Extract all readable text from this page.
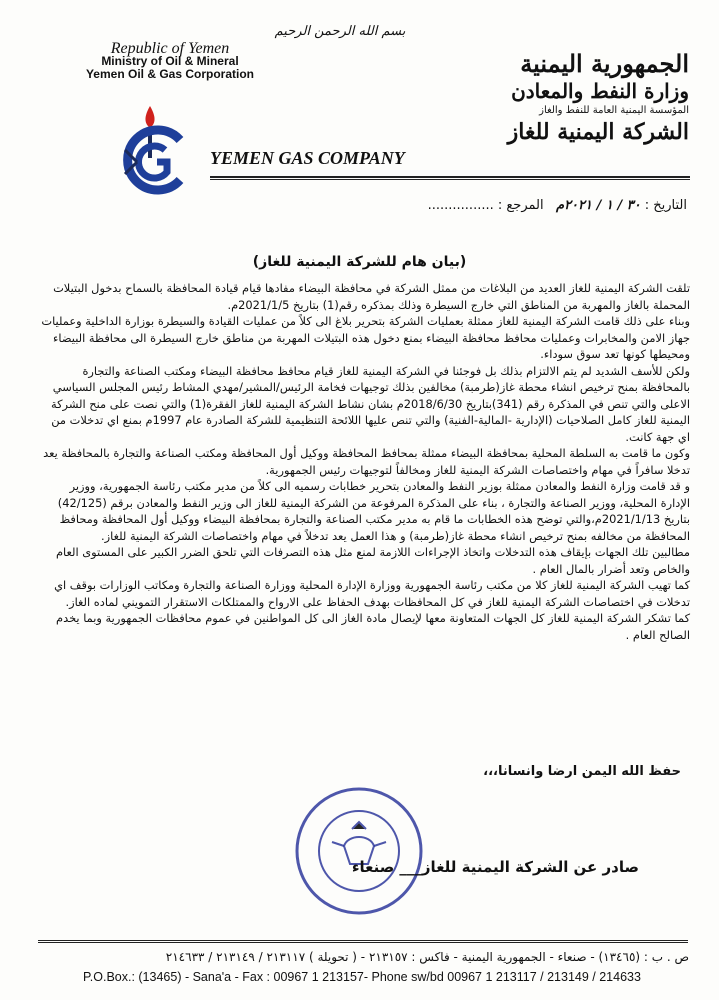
بسم الله الرحمن الرحيم
Republic of Yemen
Ministry of Oil & Mineral
Yemen Oil & Gas Corporation	الجمهورية اليمنية
وزارة النفط والمعادن
المؤسسة اليمنية العامة للنفط والغاز
الشركة اليمنية للغاز
YEMEN GAS COMPANY
التاريخ : ٣٠ / ١ / ٢٠٢١م   المرجع : ................
(بيان هام للشركة اليمنية للغاز)

تلقت الشركة اليمنية للغاز العديد من البلاغات من ممثل الشركة في محافظة البيضاء مفادها قيام قيادة المحافظة بالسماح بدخول البتيلات المحملة بالغاز والمهربة من المناطق التي خارج السيطرة وذلك بمذكره رقم(1) بتاريخ 2021/1/5م.

وبناء على ذلك قامت الشركة اليمنية للغاز ممثلة بعمليات الشركة بتحرير بلاغ الى كلاً من عمليات القيادة والسيطرة بوزارة الداخلية وعمليات جهاز الامن والمخابرات وعمليات محافظ محافظة البيضاء بمنع دخول هذه البتيلات المهربة من مناطق خارج السيطرة الى محافظة البيضاء ومحيطها كونها تعد سوق سوداء.

ولكن للأسف الشديد لم يتم الالتزام بذلك بل فوجئنا في الشركة اليمنية للغاز قيام محافظ محافظة البيضاء ومكتب الصناعة والتجارة بالمحافظة بمنح ترخيص انشاء محطة غاز(طرمبة) مخالفين بذلك توجيهات فخامة الرئيس/المشير/مهدي المشاط رئيس المجلس السياسي الاعلى والتي تنص في المذكرة رقم (341)بتاريخ 2018/6/30م بشان نشاط الشركة اليمنية للغاز الفقرة(1) والتي نصت على منح الشركة اليمنية للغاز كامل الصلاحيات (الإدارية -المالية-الفنية) والتي تنص عليها اللائحة التنظيمية للشركة الصادرة عام 1997م بمنع اي تدخلات من اي جهة كانت.

وكون ما قامت به السلطة المحلية بمحافظة البيضاء ممثلة بمحافظ المحافظة ووكيل أول المحافظة ومكتب الصناعة والتجارة بالمحافظة يعد تدخلا سافراً في مهام واختصاصات الشركة اليمنية للغاز ومخالفاً لتوجيهات رئيس الجمهورية.

و قد قامت وزارة النفط والمعادن ممثلة بوزير النفط والمعادن بتحرير خطابات رسميه الى كلاً من مدير مكتب رئاسة الجمهورية، ووزير الإدارة المحلية، ووزير الصناعة والتجارة ، بناء على المذكرة المرفوعة من الشركة اليمنية للغاز الى وزير النفط والمعادن برقم (42/125) بتاريخ 2021/1/13م،والتي توضح هذه الخطابات ما قام به مدير مكتب الصناعة والتجارة بمحافظة البيضاء ووكيل أول المحافظة ومحافظ المحافظة من مخالفه بمنح ترخيص انشاء محطة غاز(طرمبة) و هذا العمل يعد تدخلاً في مهام واختصاصات الشركة اليمنية للغاز.

مطالبين تلك الجهات بإيقاف هذه التدخلات واتخاذ الإجراءات اللازمة لمنع مثل هذه التصرفات التي تلحق الضرر الكبير على المستوى العام والخاص وتعد أضرار بالمال العام .

كما تهيب الشركة اليمنية للغاز كلا من مكتب رئاسة الجمهورية ووزارة الإدارة المحلية ووزارة الصناعة والتجارة ومكاتب الوزارات بوقف اي تدخلات في اختصاصات الشركة اليمنية للغاز في كل المحافظات بهدف الحفاظ على الارواح والممتلكات الاستقرار التمويني لماده الغاز.

كما تشكر الشركة اليمنية للغاز كل الجهات المتعاونة معها لإيصال مادة الغاز الى كل المواطنين في عموم محافظات الجمهورية وبما يخدم الصالح العام .

حفظ الله اليمن ارضا وانسانا،،،
صادر عن الشركة اليمنية للغاز___ صنعاء
ص . ب : (١٣٤٦٥) - صنعاء - الجمهورية اليمنية - فاكس : ٢١٣١٥٧ - ( تحويلة ) ٢١٣١١٧ / ٢١٣١٤٩ / ٢١٤٦٣٣
P.O.Box.: (13465) - Sana'a - Fax : 00967 1 213157- Phone sw/bd 00967 1 213117 / 213149 / 214633
